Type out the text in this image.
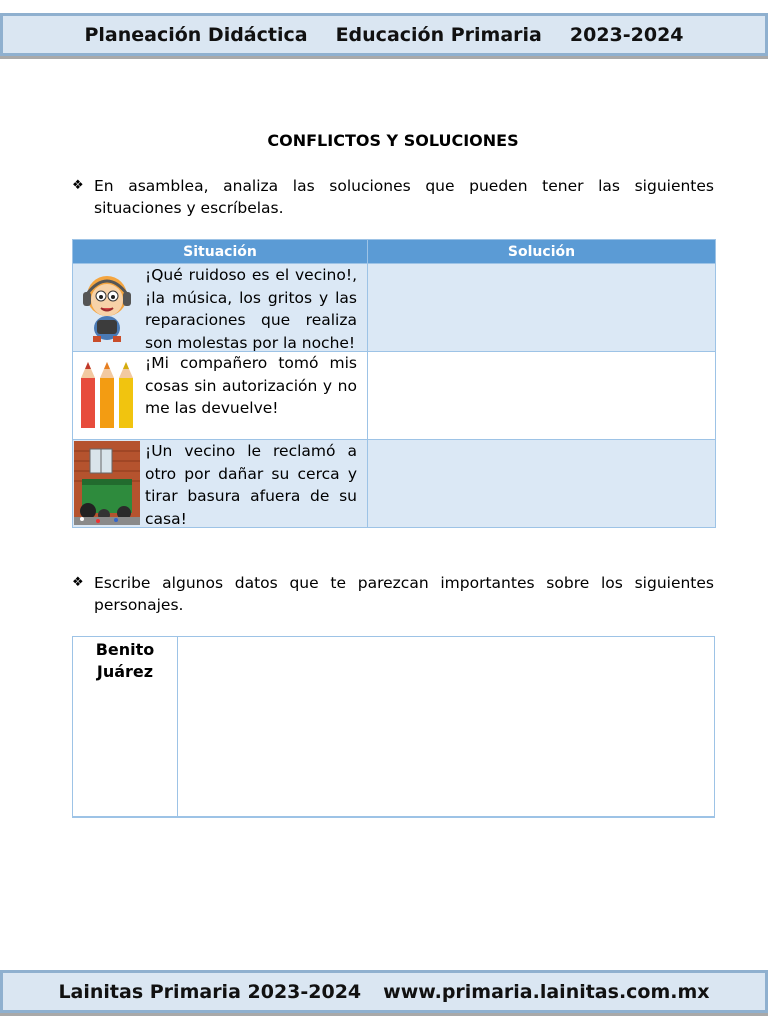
Planeación Didáctica Educación Primaria 2023-2024
CONFLICTOS Y SOLUCIONES
❖ En asamblea, analiza las soluciones que pueden tener las siguientes situaciones y escríbelas.
Situación	Solución

¡Qué ruidoso es el vecino!, ¡la música, los gritos y las reparaciones que realiza son molestas por la noche!	

¡Mi compañero tomó mis cosas sin autorización y no me las devuelve!	

¡Un vecino le reclamó a otro por dañar su cerca y tirar basura afuera de su casa!	

❖ Escribe algunos datos que te parezcan importantes sobre los siguientes personajes.
Benito Juárez	
Lainitas Primaria 2023-2024 www.primaria.lainitas.com.mx
